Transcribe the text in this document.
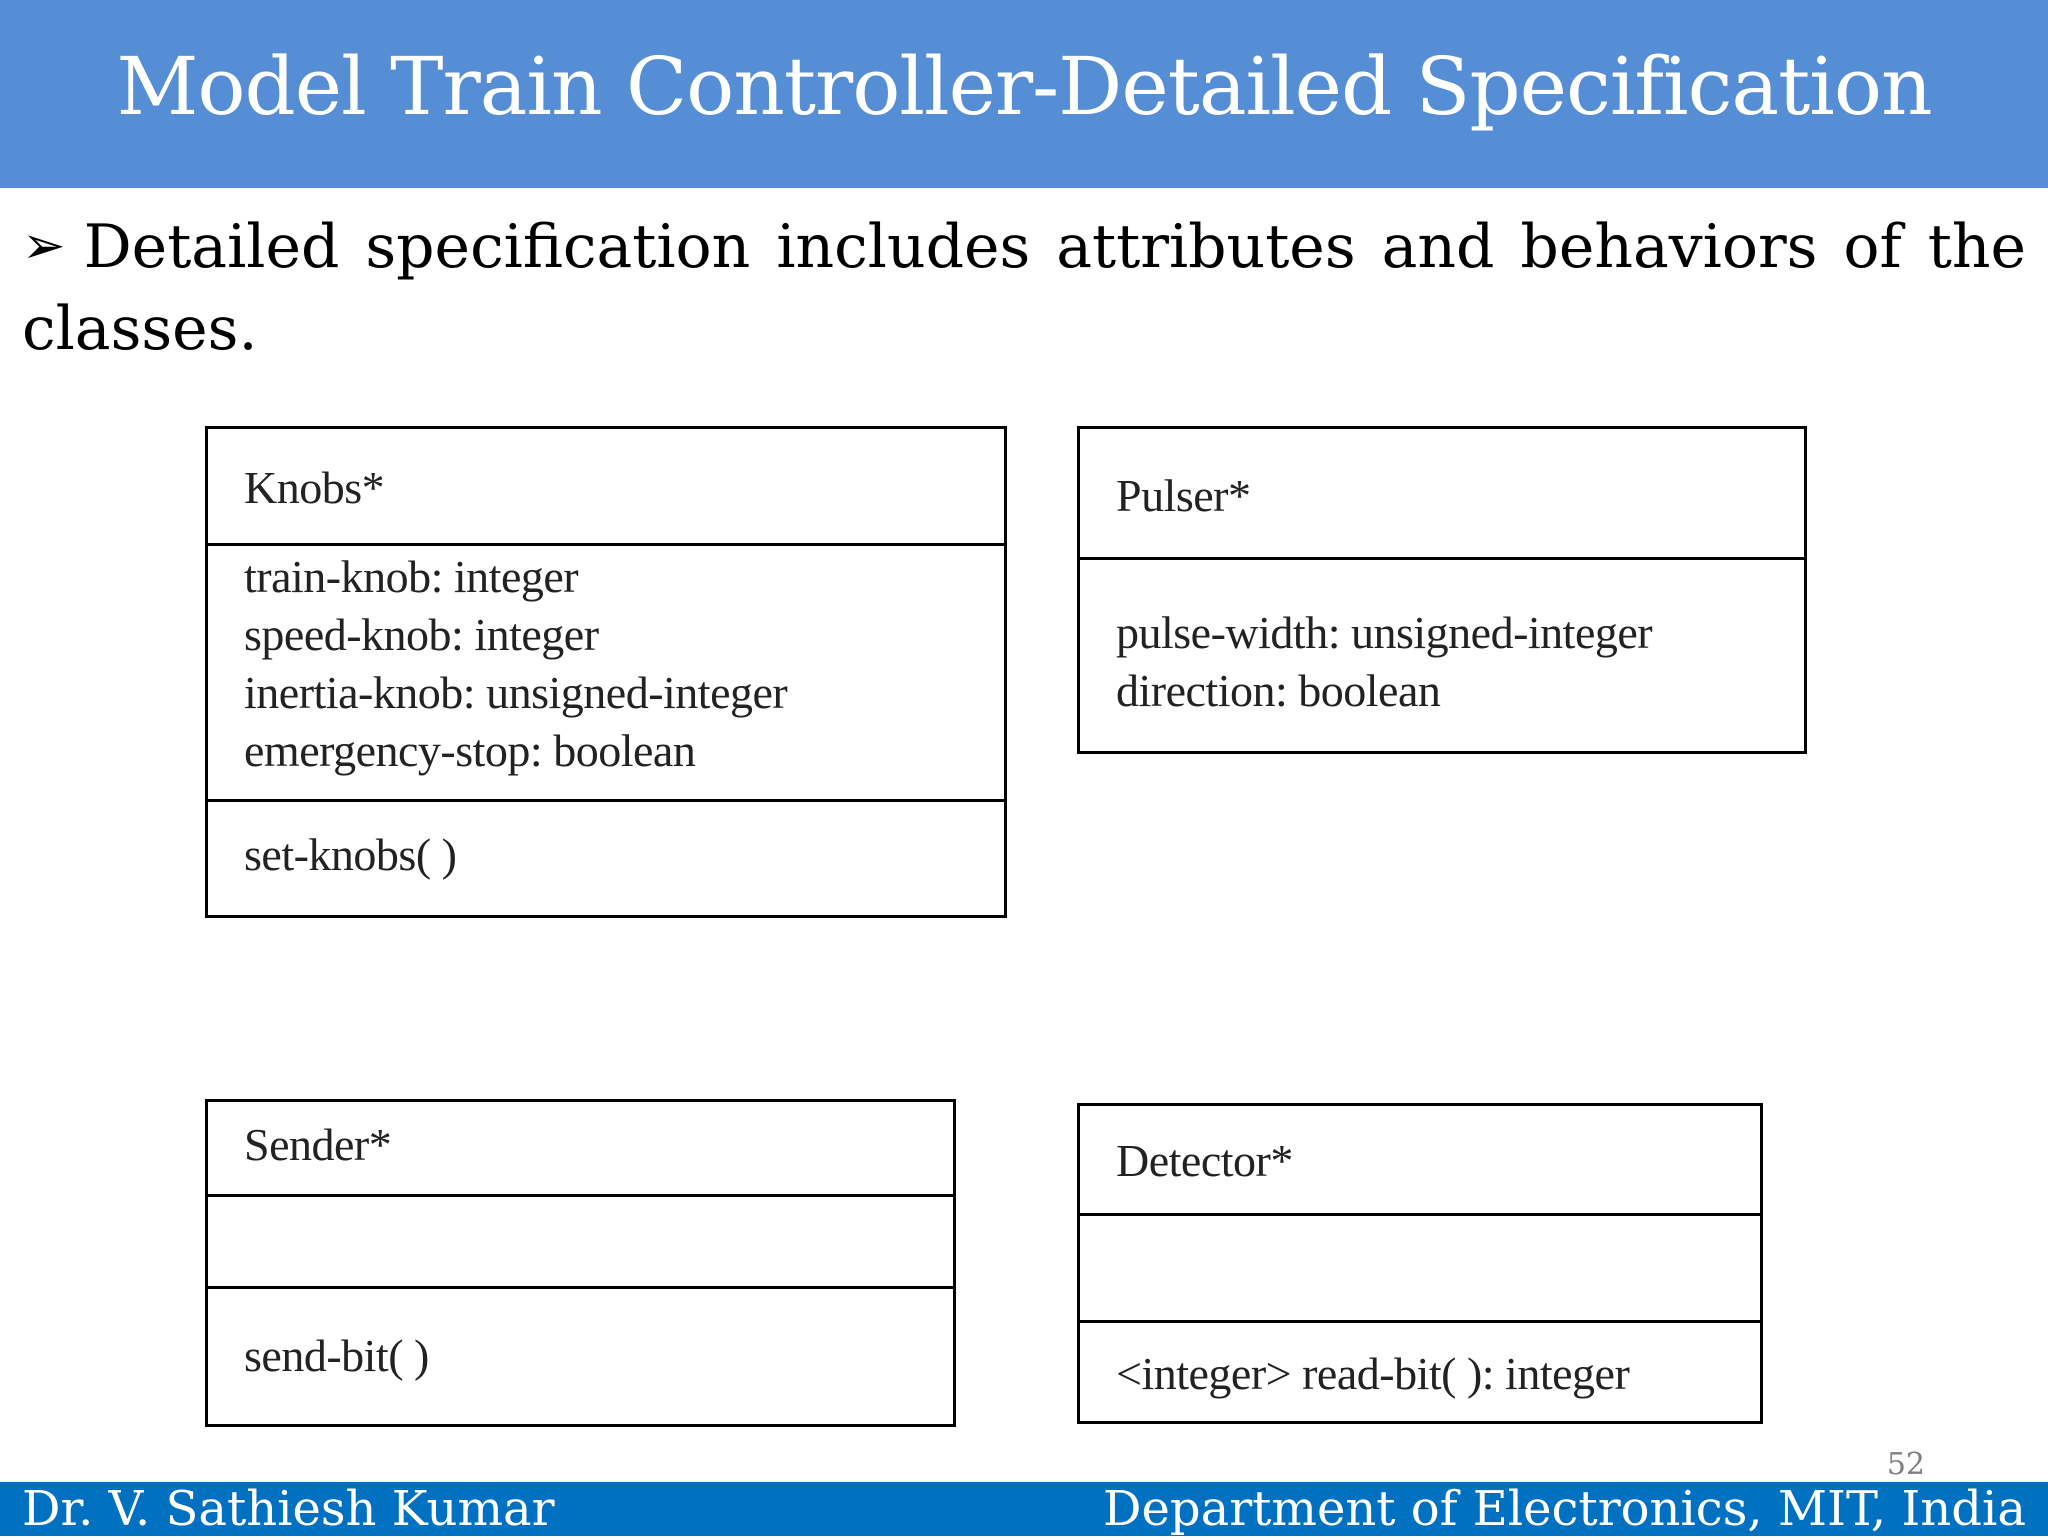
Model Train Controller-Detailed Specification
➢ Detailed specification includes attributes and behaviors of the classes.
Knobs*
train-knob: integer
speed-knob: integer
inertia-knob: unsigned-integer
emergency-stop: boolean
set-knobs( )
Pulser*
pulse-width: unsigned-integer
direction: boolean
Sender*
send-bit( )
Detector*
<integer> read-bit( ): integer
52
Dr. V. Sathiesh Kumar	Department of Electronics, MIT, India
